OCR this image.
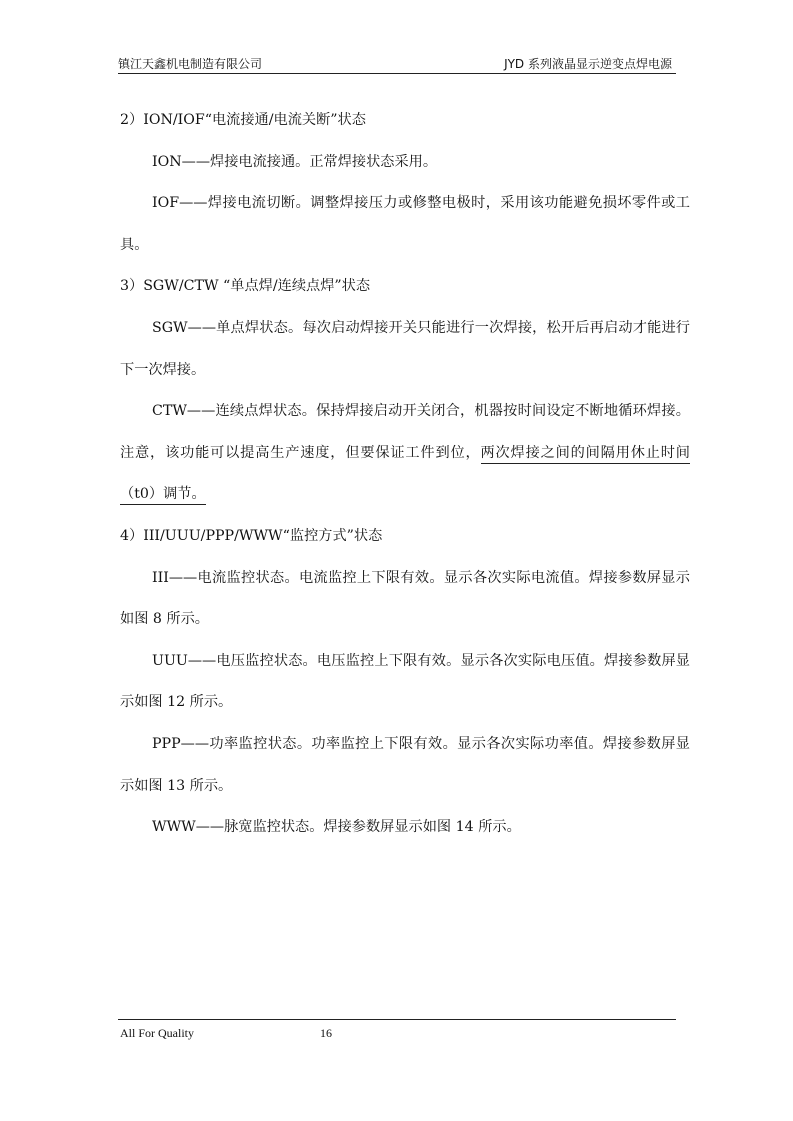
镇江天鑫机电制造有限公司	JYD 系列液晶显示逆变点焊电源

2）ION/IOF“电流接通/电流关断”状态

ION——焊接电流接通。正常焊接状态采用。

IOF——焊接电流切断。调整焊接压力或修整电极时，采用该功能避免损坏零件或工具。

3）SGW/CTW “单点焊/连续点焊”状态

SGW——单点焊状态。每次启动焊接开关只能进行一次焊接，松开后再启动才能进行下一次焊接。

CTW——连续点焊状态。保持焊接启动开关闭合，机器按时间设定不断地循环焊接。注意，该功能可以提高生产速度，但要保证工件到位，两次焊接之间的间隔用休止时间（t0）调节。

4）III/UUU/PPP/WWW“监控方式”状态

III——电流监控状态。电流监控上下限有效。显示各次实际电流值。焊接参数屏显示如图 8 所示。

UUU——电压监控状态。电压监控上下限有效。显示各次实际电压值。焊接参数屏显示如图 12 所示。

PPP——功率监控状态。功率监控上下限有效。显示各次实际功率值。焊接参数屏显示如图 13 所示。

WWW——脉宽监控状态。焊接参数屏显示如图 14 所示。

All For Quality	16
